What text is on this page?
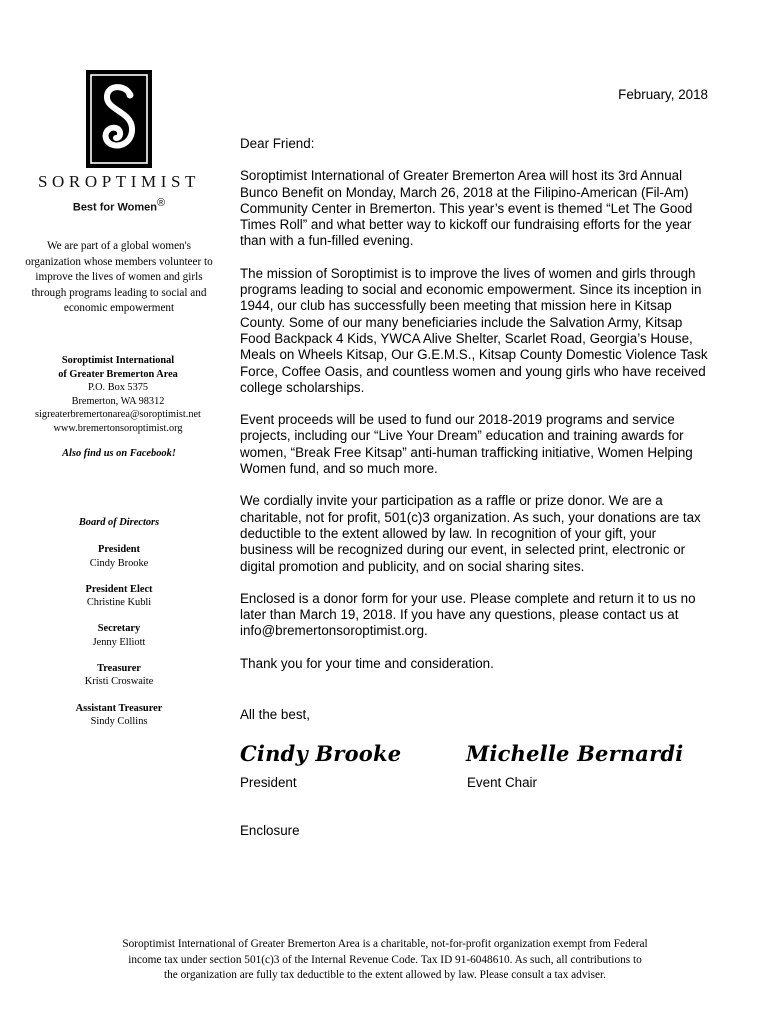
SOROPTIMIST
Best for Women®
We are part of a global women's organization whose members volunteer to improve the lives of women and girls through programs leading to social and economic empowerment
Soroptimist International
of Greater Bremerton Area
P.O. Box 5375
Bremerton, WA 98312
sigreaterbremertonarea@soroptimist.net
www.bremertonsoroptimist.org
Also find us on Facebook!
Board of Directors
President
Cindy Brooke
President Elect
Christine Kubli
Secretary
Jenny Elliott
Treasurer
Kristi Croswaite
Assistant Treasurer
Sindy Collins
February, 2018

Dear Friend:

Soroptimist International of Greater Bremerton Area will host its 3rd Annual Bunco Benefit on Monday, March 26, 2018 at the Filipino-American (Fil-Am) Community Center in Bremerton. This year’s event is themed “Let The Good Times Roll” and what better way to kickoff our fundraising efforts for the year than with a fun-filled evening.

The mission of Soroptimist is to improve the lives of women and girls through programs leading to social and economic empowerment. Since its inception in 1944, our club has successfully been meeting that mission here in Kitsap County. Some of our many beneficiaries include the Salvation Army, Kitsap Food Backpack 4 Kids, YWCA Alive Shelter, Scarlet Road, Georgia’s House, Meals on Wheels Kitsap, Our G.E.M.S., Kitsap County Domestic Violence Task Force, Coffee Oasis, and countless women and young girls who have received college scholarships.

Event proceeds will be used to fund our 2018-2019 programs and service projects, including our “Live Your Dream” education and training awards for women, “Break Free Kitsap” anti-human trafficking initiative, Women Helping Women fund, and so much more.

We cordially invite your participation as a raffle or prize donor. We are a charitable, not for profit, 501(c)3 organization. As such, your donations are tax deductible to the extent allowed by law. In recognition of your gift, your business will be recognized during our event, in selected print, electronic or digital promotion and publicity, and on social sharing sites.

Enclosed is a donor form for your use. Please complete and return it to us no later than March 19, 2018. If you have any questions, please contact us at info@bremertonsoroptimist.org.

Thank you for your time and consideration.

All the best,
Cindy Brooke	Michelle Bernardi
President	Event Chair
Enclosure
Soroptimist International of Greater Bremerton Area is a charitable, not-for-profit organization exempt from Federal
income tax under section 501(c)3 of the Internal Revenue Code. Tax ID 91-6048610. As such, all contributions to
the organization are fully tax deductible to the extent allowed by law. Please consult a tax adviser.
